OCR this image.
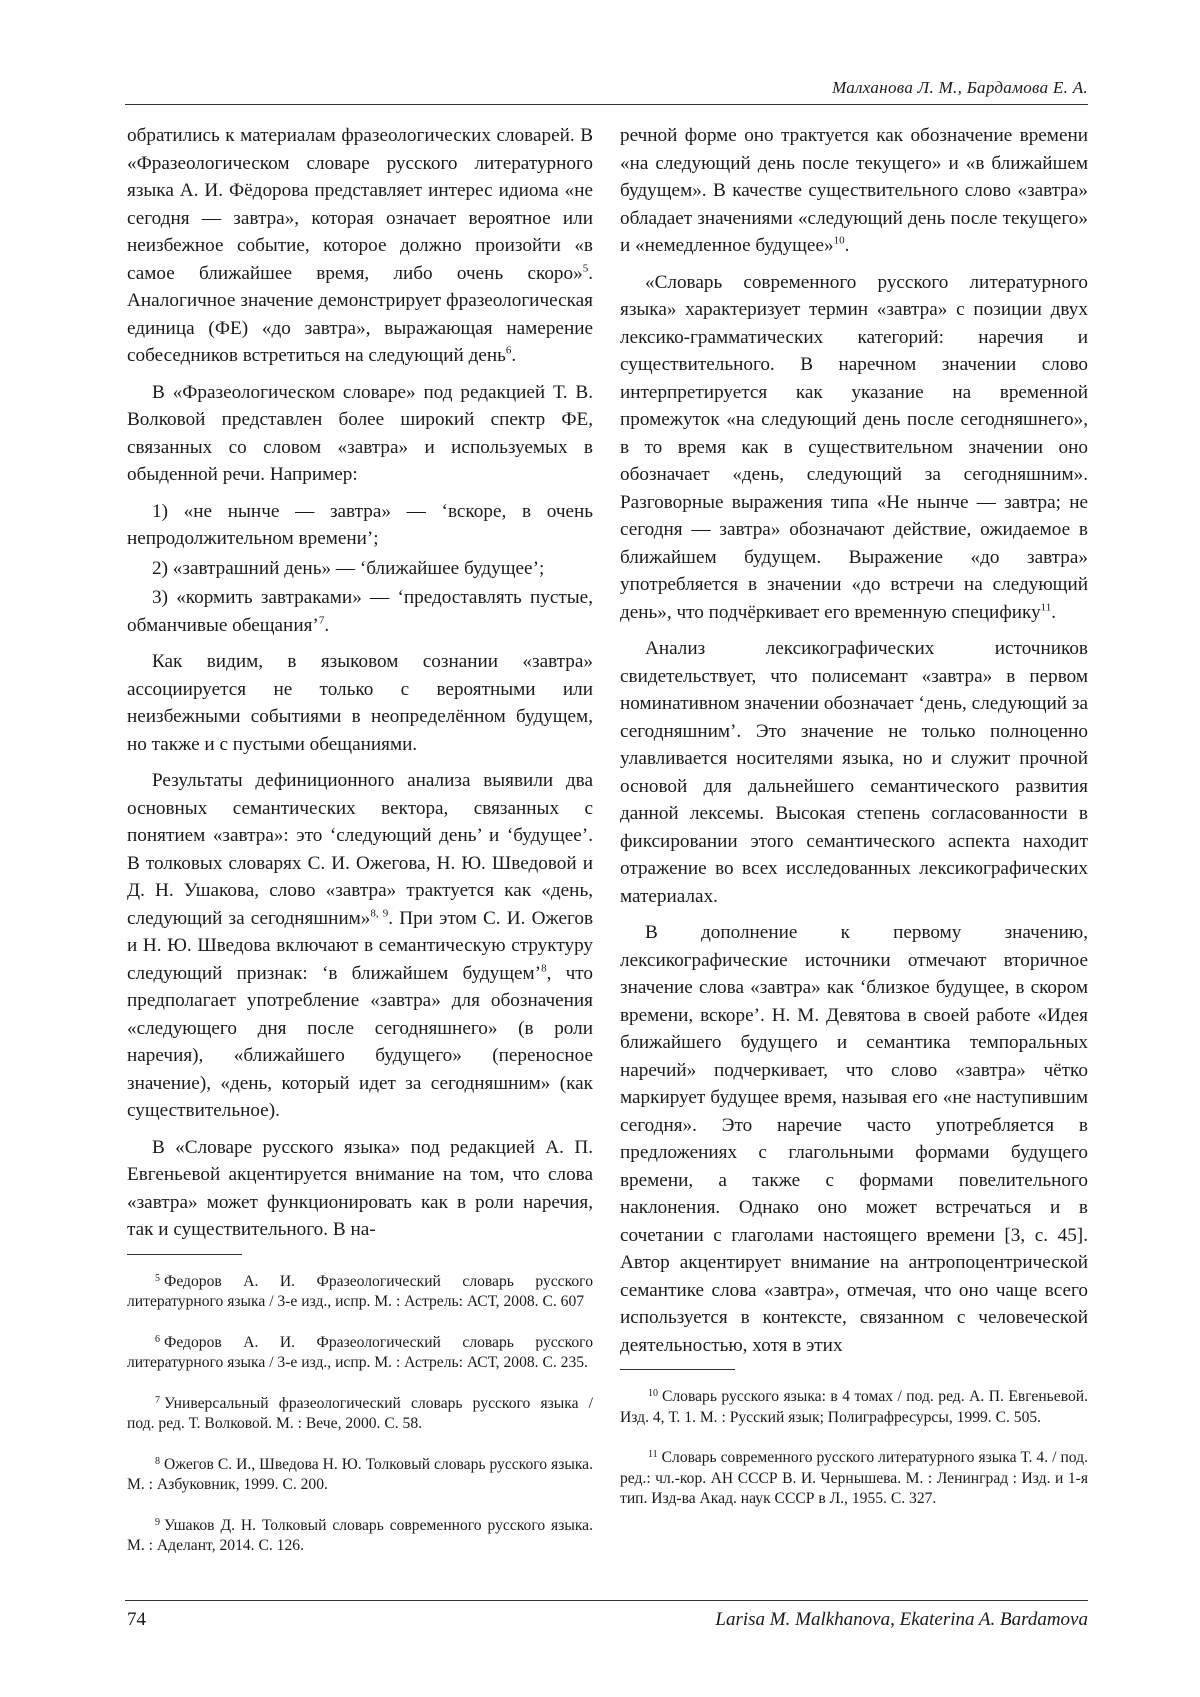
Малханова Л. М., Бардамова Е. А.

обратились к материалам фразеологических словарей. В «Фразеологическом словаре русского литературного языка А. И. Фёдорова представляет интерес идиома «не сегодня — завтра», которая означает вероятное или неизбежное событие, которое должно произойти «в самое ближайшее время, либо очень скоро»$^5$. Аналогичное значение демонстрирует фразеологическая единица (ФЕ) «до завтра», выражающая намерение собеседников встретиться на следующий день$^6$.

В «Фразеологическом словаре» под редакцией Т. В. Волковой представлен более широкий спектр ФЕ, связанных со словом «завтра» и используемых в обыденной речи. Например:

1) «не нынче — завтра» — ‘вскоре, в очень непродолжительном времени’;

2) «завтрашний день» — ‘ближайшее будущее’;

3) «кормить завтраками» — ‘предоставлять пустые, обманчивые обещания’$^7$.

Как видим, в языковом сознании «завтра» ассоциируется не только с вероятными или неизбежными событиями в неопределённом будущем, но также и с пустыми обещаниями.

Результаты дефиниционного анализа выявили два основных семантических вектора, связанных с понятием «завтра»: это ‘следующий день’ и ‘будущее’. В толковых словарях С. И. Ожегова, Н. Ю. Шведовой и Д. Н. Ушакова, слово «завтра» трактуется как «день, следующий за сегодняшним»$^{8, 9}$. При этом С. И. Ожегов и Н. Ю. Шведова включают в семантическую структуру следующий признак: ‘в ближайшем будущем’$^8$, что предполагает употребление «завтра» для обозначения «следующего дня после сегодняшнего» (в роли наречия), «ближайшего будущего» (переносное значение), «день, который идет за сегодняшним» (как существительное).

В «Словаре русского языка» под редакцией А. П. Евгеньевой акцентируется внимание на том, что слова «завтра» может функционировать как в роли наречия, так и существительного. В на-

$^5$ Федоров А. И. Фразеологический словарь русского литературного языка / 3-е изд., испр. М. : Астрель: АСТ, 2008. С. 607
$^6$ Федоров А. И. Фразеологический словарь русского литературного языка / 3-е изд., испр. М. : Астрель: АСТ, 2008. С. 235.
$^7$ Универсальный фразеологический словарь русского языка / под. ред. Т. Волковой. М. : Вече, 2000. С. 58.
$^8$ Ожегов С. И., Шведова Н. Ю. Толковый словарь русского языка. М. : Азбуковник, 1999. С. 200.
$^9$ Ушаков Д. Н. Толковый словарь современного русского языка. М. : Аделант, 2014. С. 126.

речной форме оно трактуется как обозначение времени «на следующий день после текущего» и «в ближайшем будущем». В качестве существительного слово «завтра» обладает значениями «следующий день после текущего» и «немедленное будущее»$^{10}$.

«Словарь современного русского литературного языка» характеризует термин «завтра» с позиции двух лексико-грамматических категорий: наречия и существительного. В наречном значении слово интерпретируется как указание на временной промежуток «на следующий день после сегодняшнего», в то время как в существительном значении оно обозначает «день, следующий за сегодняшним». Разговорные выражения типа «Не нынче — завтра; не сегодня — завтра» обозначают действие, ожидаемое в ближайшем будущем. Выражение «до завтра» употребляется в значении «до встречи на следующий день», что подчёркивает его временную специфику$^{11}$.

Анализ лексикографических источников свидетельствует, что полисемант «завтра» в первом номинативном значении обозначает ‘день, следующий за сегодняшним’. Это значение не только полноценно улавливается носителями языка, но и служит прочной основой для дальнейшего семантического развития данной лексемы. Высокая степень согласованности в фиксировании этого семантического аспекта находит отражение во всех исследованных лексикографических материалах.

В дополнение к первому значению, лексикографические источники отмечают вторичное значение слова «завтра» как ‘близкое будущее, в скором времени, вскоре’. Н. М. Девятова в своей работе «Идея ближайшего будущего и семантика темпоральных наречий» подчеркивает, что слово «завтра» чётко маркирует будущее время, называя его «не наступившим сегодня». Это наречие часто употребляется в предложениях с глагольными формами будущего времени, а также с формами повелительного наклонения. Однако оно может встречаться и в сочетании с глаголами настоящего времени [3, с. 45]. Автор акцентирует внимание на антропоцентрической семантике слова «завтра», отмечая, что оно чаще всего используется в контексте, связанном с человеческой деятельностью, хотя в этих

$^{10}$ Словарь русского языка: в 4 томах / под. ред. А. П. Евгеньевой. Изд. 4, Т. 1. М. : Русский язык; Полиграфресурсы, 1999. С. 505.
$^{11}$ Словарь современного русского литературного языка Т. 4. / под. ред.: чл.-кор. АН СССР В. И. Чернышева. М. : Ленинград : Изд. и 1-я тип. Изд-ва Акад. наук СССР в Л., 1955. С. 327.
74	Larisa M. Malkhanova, Ekaterina A. Bardamova
